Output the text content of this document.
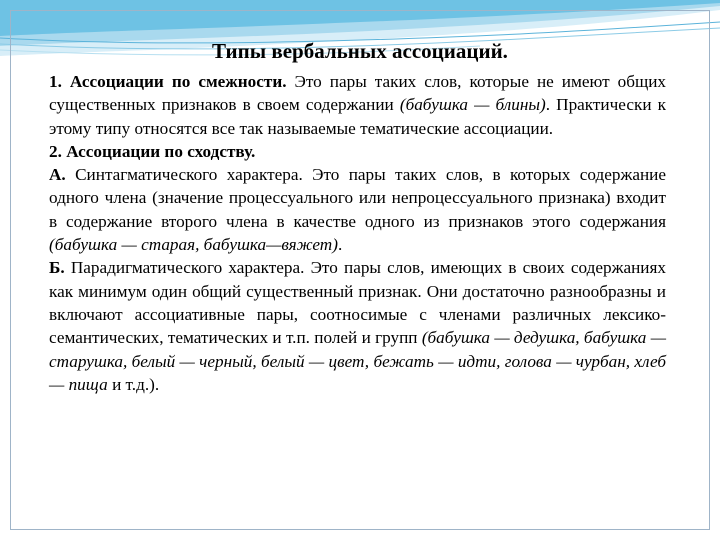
Типы вербальных ассоциаций.

1. Ассоциации по смежности. Это пары таких слов, которые не имеют общих существенных признаков в своем содержании (бабушка — блины). Практически к этому типу относятся все так называемые тематические ассоциации.

2. Ассоциации по сходству.

А. Синтагматического характера. Это пары таких слов, в которых содержание одного члена (значение процессуального или непроцессуального признака) входит в содержание второго члена в качестве одного из признаков этого содержания (бабушка — старая, бабушка—вяжет).

Б. Парадигматического характера. Это пары слов, имеющих в своих содержаниях как минимум один общий существенный признак. Они достаточно разнообразны и включают ассоциативные пары, соотносимые с членами различных лексико-семантических, тематических и т.п. полей и групп (бабушка — дедушка, бабушка — старушка, белый — черный, белый — цвет, бежать — идти, голова — чурбан, хлеб — пища и т.д.).
